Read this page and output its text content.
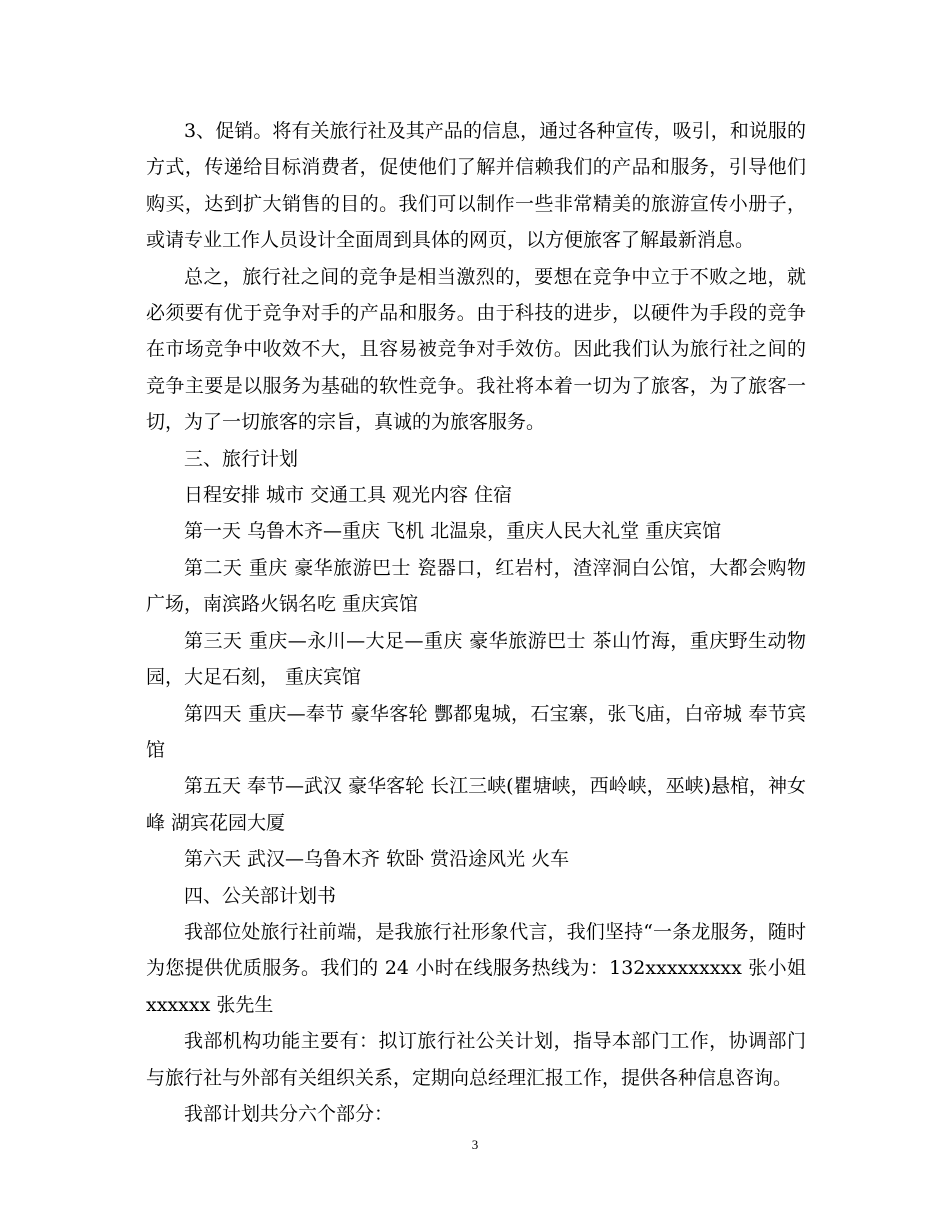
3、促销。将有关旅行社及其产品的信息，通过各种宣传，吸引，和说服的方式，传递给目标消费者，促使他们了解并信赖我们的产品和服务，引导他们购买，达到扩大销售的目的。我们可以制作一些非常精美的旅游宣传小册子，或请专业工作人员设计全面周到具体的网页，以方便旅客了解最新消息。

总之，旅行社之间的竞争是相当激烈的，要想在竞争中立于不败之地，就必须要有优于竞争对手的产品和服务。由于科技的进步，以硬件为手段的竞争在市场竞争中收效不大，且容易被竞争对手效仿。因此我们认为旅行社之间的竞争主要是以服务为基础的软性竞争。我社将本着一切为了旅客，为了旅客一切，为了一切旅客的宗旨，真诚的为旅客服务。

三、旅行计划

日程安排 城市 交通工具 观光内容 住宿

第一天 乌鲁木齐—重庆 飞机 北温泉，重庆人民大礼堂 重庆宾馆

第二天 重庆 豪华旅游巴士 瓷器口，红岩村，渣滓洞白公馆，大都会购物广场，南滨路火锅名吃 重庆宾馆

第三天 重庆—永川—大足—重庆 豪华旅游巴士 茶山竹海，重庆野生动物园，大足石刻， 重庆宾馆

第四天 重庆—奉节 豪华客轮 酆都鬼城，石宝寨，张飞庙，白帝城 奉节宾馆

第五天 奉节—武汉 豪华客轮 长江三峡(瞿塘峡，西岭峡，巫峡)悬棺，神女峰 湖宾花园大厦

第六天 武汉—乌鲁木齐 软卧 赏沿途风光 火车

四、公关部计划书

我部位处旅行社前端，是我旅行社形象代言，我们坚持“一条龙服务，随时为您提供优质服务。我们的 24 小时在线服务热线为：132xxxxxxxxx 张小姐 xxxxxx 张先生

我部机构功能主要有：拟订旅行社公关计划，指导本部门工作，协调部门与旅行社与外部有关组织关系，定期向总经理汇报工作，提供各种信息咨询。

我部计划共分六个部分：

3
